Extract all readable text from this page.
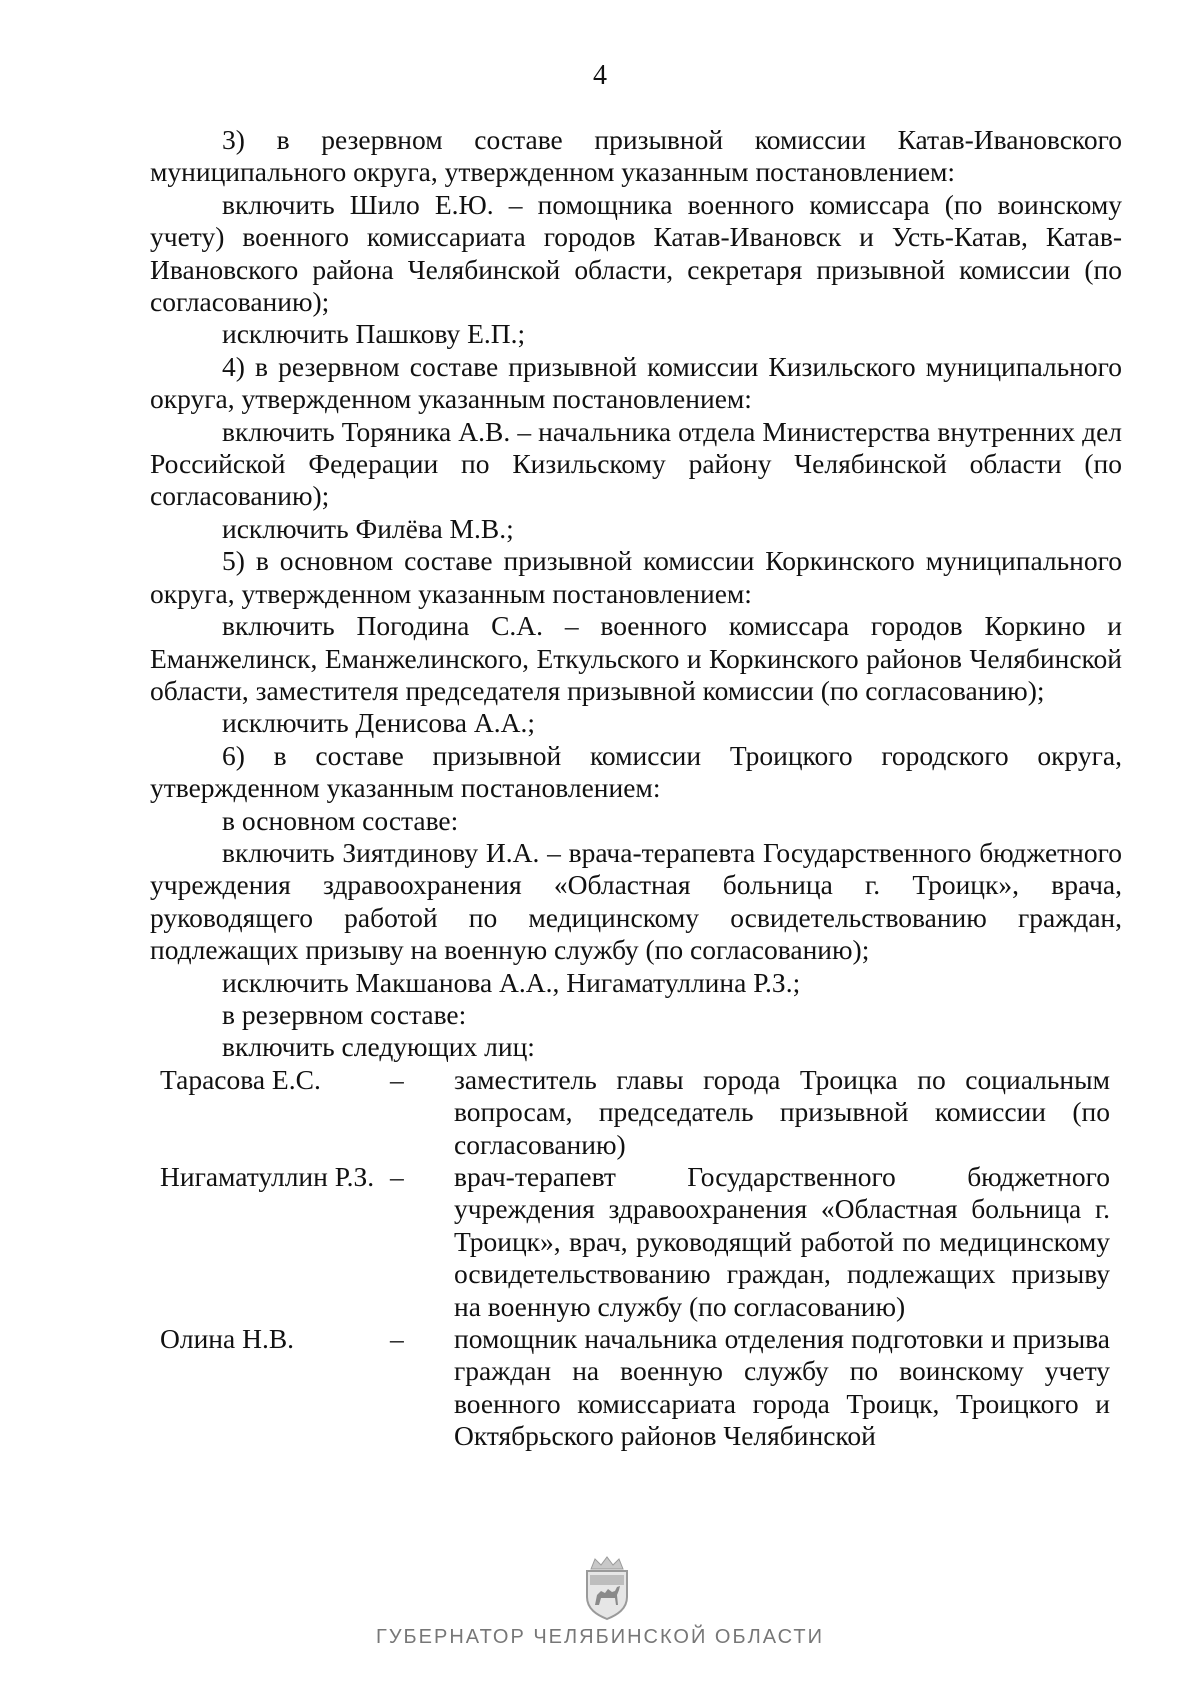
4

3) в резервном составе призывной комиссии Катав-Ивановского муниципального округа, утвержденном указанным постановлением:

включить Шило Е.Ю. – помощника военного комиссара (по воинскому учету) военного комиссариата городов Катав-Ивановск и Усть-Катав, Катав-Ивановского района Челябинской области, секретаря призывной комиссии (по согласованию);

исключить Пашкову Е.П.;

4) в резервном составе призывной комиссии Кизильского муниципального округа, утвержденном указанным постановлением:

включить Торяника А.В. – начальника отдела Министерства внутренних дел Российской Федерации по Кизильскому району Челябинской области (по согласованию);

исключить Филёва М.В.;

5) в основном составе призывной комиссии Коркинского муниципального округа, утвержденном указанным постановлением:

включить Погодина С.А. – военного комиссара городов Коркино и Еманжелинск, Еманжелинского, Еткульского и Коркинского районов Челябинской области, заместителя председателя призывной комиссии (по согласованию);

исключить Денисова А.А.;

6) в составе призывной комиссии Троицкого городского округа, утвержденном указанным постановлением:

в основном составе:

включить Зиятдинову И.А. – врача-терапевта Государственного бюджетного учреждения здравоохранения «Областная больница г. Троицк», врача, руководящего работой по медицинскому освидетельствованию граждан, подлежащих призыву на военную службу (по согласованию);

исключить Макшанова А.А., Нигаматуллина Р.З.;

в резервном составе:

включить следующих лиц:

Тарасова Е.С.	–	заместитель главы города Троицка по социальным вопросам, председатель призывной комиссии (по согласованию)
Нигаматуллин Р.З. –	врач-терапевт Государственного бюджетного учреждения здравоохранения «Областная больница г. Троицк», врач, руководящий работой по медицинскому освидетельствованию граждан, подлежащих призыву на военную службу (по согласованию)
Олина Н.В.	–	помощник начальника отделения подготовки и призыва граждан на военную службу по воинскому учету военного комиссариата города Троицк, Троицкого и Октябрьского районов Челябинской
ГУБЕРНАТОР ЧЕЛЯБИНСКОЙ ОБЛАСТИ
